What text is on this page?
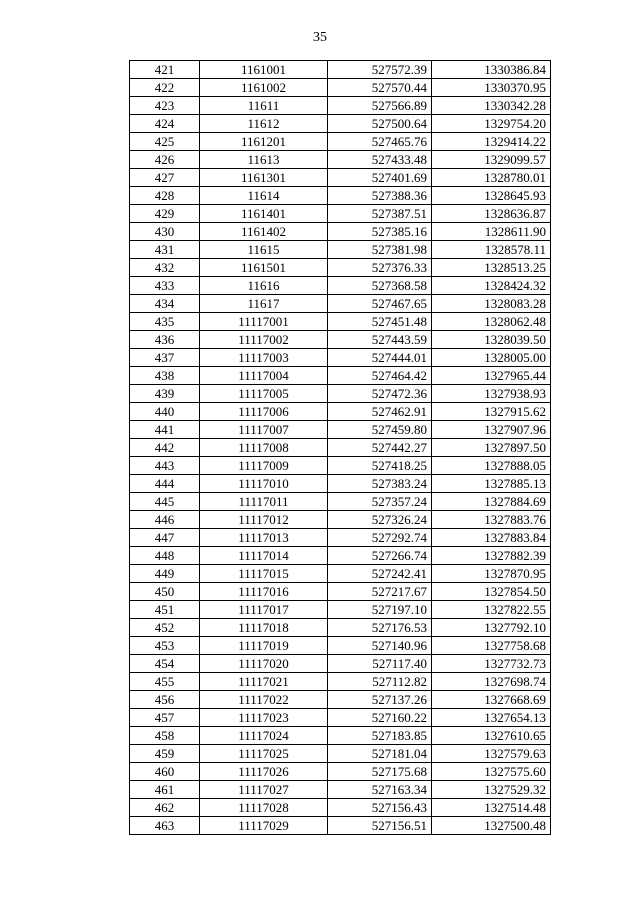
35
421	1161001	527572.39	1330386.84
422	1161002	527570.44	1330370.95
423	11611	527566.89	1330342.28
424	11612	527500.64	1329754.20
425	1161201	527465.76	1329414.22
426	11613	527433.48	1329099.57
427	1161301	527401.69	1328780.01
428	11614	527388.36	1328645.93
429	1161401	527387.51	1328636.87
430	1161402	527385.16	1328611.90
431	11615	527381.98	1328578.11
432	1161501	527376.33	1328513.25
433	11616	527368.58	1328424.32
434	11617	527467.65	1328083.28
435	11117001	527451.48	1328062.48
436	11117002	527443.59	1328039.50
437	11117003	527444.01	1328005.00
438	11117004	527464.42	1327965.44
439	11117005	527472.36	1327938.93
440	11117006	527462.91	1327915.62
441	11117007	527459.80	1327907.96
442	11117008	527442.27	1327897.50
443	11117009	527418.25	1327888.05
444	11117010	527383.24	1327885.13
445	11117011	527357.24	1327884.69
446	11117012	527326.24	1327883.76
447	11117013	527292.74	1327883.84
448	11117014	527266.74	1327882.39
449	11117015	527242.41	1327870.95
450	11117016	527217.67	1327854.50
451	11117017	527197.10	1327822.55
452	11117018	527176.53	1327792.10
453	11117019	527140.96	1327758.68
454	11117020	527117.40	1327732.73
455	11117021	527112.82	1327698.74
456	11117022	527137.26	1327668.69
457	11117023	527160.22	1327654.13
458	11117024	527183.85	1327610.65
459	11117025	527181.04	1327579.63
460	11117026	527175.68	1327575.60
461	11117027	527163.34	1327529.32
462	11117028	527156.43	1327514.48
463	11117029	527156.51	1327500.48
